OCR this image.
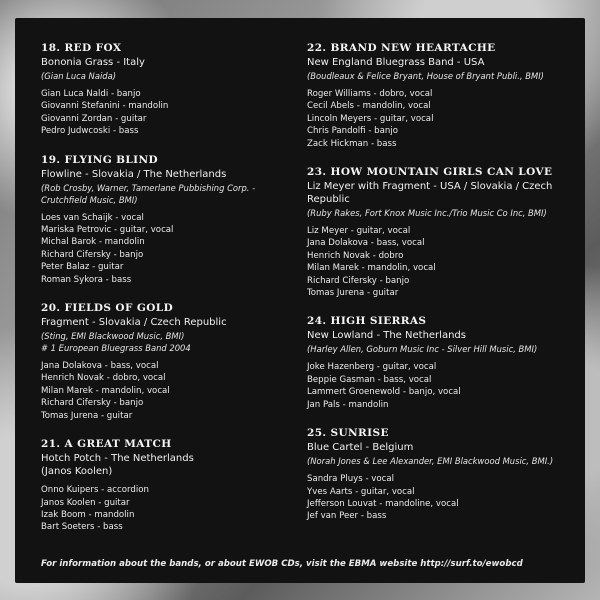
18. RED FOX
Bononia Grass - Italy
(Gian Luca Naida)
Gian Luca Naldi - banjo
Giovanni Stefanini - mandolin
Giovanni Zordan - guitar
Pedro Judwcoski - bass
19. FLYING BLIND
Flowline - Slovakia / The Netherlands
(Rob Crosby, Warner, Tamerlane Pubbishing Corp. - Crutchfield Music, BMI)
Loes van Schaijk - vocal
Mariska Petrovic - guitar, vocal
Michal Barok - mandolin
Richard Cifersky - banjo
Peter Balaz - guitar
Roman Sykora - bass
20. FIELDS OF GOLD
Fragment - Slovakia / Czech Republic
(Sting, EMI Blackwood Music, BMI)
# 1 European Bluegrass Band 2004
Jana Dolakova - bass, vocal
Henrich Novak - dobro, vocal
Milan Marek - mandolin, vocal
Richard Cifersky - banjo
Tomas Jurena - guitar
21. A GREAT MATCH
Hotch Potch - The Netherlands
(Janos Koolen)
Onno Kuipers - accordion
Janos Koolen - guitar
Izak Boom - mandolin
Bart Soeters - bass
22. BRAND NEW HEARTACHE
New England Bluegrass Band - USA
(Boudleaux & Felice Bryant, House of Bryant Publi., BMI)
Roger Williams - dobro, vocal
Cecil Abels - mandolin, vocal
Lincoln Meyers - guitar, vocal
Chris Pandolfi - banjo
Zack Hickman - bass
23. HOW MOUNTAIN GIRLS CAN LOVE
Liz Meyer with Fragment - USA / Slovakia / Czech Republic
(Ruby Rakes, Fort Knox Music Inc./Trio Music Co Inc, BMI)
Liz Meyer - guitar, vocal
Jana Dolakova - bass, vocal
Henrich Novak - dobro
Milan Marek - mandolin, vocal
Richard Cifersky - banjo
Tomas Jurena - guitar
24. HIGH SIERRAS
New Lowland - The Netherlands
(Harley Allen, Goburn Music Inc - Silver Hill Music, BMI)
Joke Hazenberg - guitar, vocal
Beppie Gasman - bass, vocal
Lammert Groenewold - banjo, vocal
Jan Pals - mandolin
25. SUNRISE
Blue Cartel - Belgium
(Norah Jones & Lee Alexander, EMI Blackwood Music, BMI.)
Sandra Pluys - vocal
Yves Aarts - guitar, vocal
Jefferson Louvat - mandoline, vocal
Jef van Peer - bass
For information about the bands, or about EWOB CDs, visit the EBMA website http://surf.to/ewobcd
